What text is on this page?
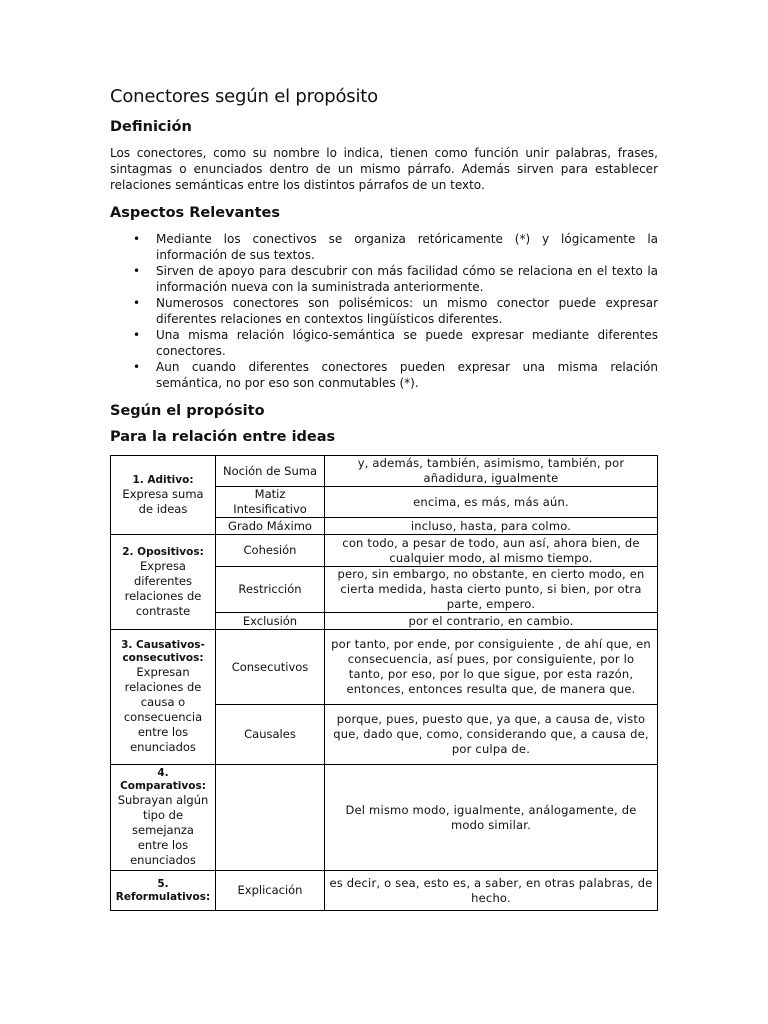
Conectores según el propósito
Definición

Los conectores, como su nombre lo indica, tienen como función unir palabras, frases, sintagmas o enunciados dentro de un mismo párrafo. Además sirven para establecer relaciones semánticas entre los distintos párrafos de un texto.

Aspectos Relevantes
• Mediante los conectivos se organiza retóricamente (*) y lógicamente la información de sus textos.
• Sirven de apoyo para descubrir con más facilidad cómo se relaciona en el texto la información nueva con la suministrada anteriormente.
• Numerosos conectores son polisémicos: un mismo conector puede expresar diferentes relaciones en contextos lingüísticos diferentes.
• Una misma relación lógico-semántica se puede expresar mediante diferentes conectores.
• Aun cuando diferentes conectores pueden expresar una misma relación semántica, no por eso son conmutables (*).
Según el propósito
Para la relación entre ideas
1. Aditivo:
Expresa suma de ideas	Noción de Suma	y, además, también, asimismo, también, por añadidura, igualmente
	Matiz Intesificativo	encima, es más, más aún.
	Grado Máximo	incluso, hasta, para colmo.

2. Opositivos:
Expresa diferentes relaciones de contraste	Cohesión	con todo, a pesar de todo, aun así, ahora bien, de cualquier modo, al mismo tiempo.
	Restricción	pero, sin embargo, no obstante, en cierto modo, en cierta medida, hasta cierto punto, si bien, por otra parte, empero.
	Exclusión	por el contrario, en cambio.

3. Causativos-consecutivos:
Expresan relaciones de causa o consecuencia entre los enunciados	Consecutivos	por tanto, por ende, por consiguiente , de ahí que, en consecuencia, así pues, por consiguiente, por lo tanto, por eso, por lo que sigue, por esta razón, entonces, entonces resulta que, de manera que.
	Causales	porque, pues, puesto que, ya que, a causa de, visto que, dado que, como, considerando que, a causa de, por culpa de.

4. Comparativos:
Subrayan algún tipo de semejanza entre los enunciados		Del mismo modo, igualmente, análogamente, de modo similar.

5. Reformulativos:	Explicación	es decir, o sea, esto es, a saber, en otras palabras, de hecho.
